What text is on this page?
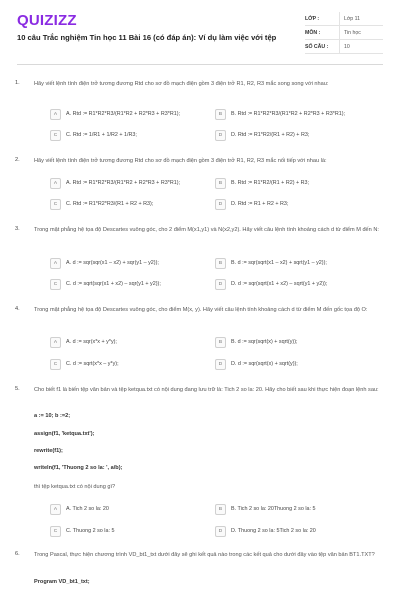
QUIZIZZ
10 câu Trắc nghiệm Tin học 11 Bài 16 (có đáp án): Ví dụ làm việc với tệp
LỚP :	Lớp 11
MÔN :	Tin học
SỐ CÂU :	10
1.	Hãy viết lệnh tính điện trở tương đương Rtd cho sơ đồ mạch điện gồm 3 điện trở R1, R2, R3 mắc song song với nhau:
A	A. Rtd := R1*R2*R3/(R1*R2 + R2*R3 + R3*R1);	B	B. Rtd := R1*R2*R3/(R1*R2 + R2*R3 + R3*R1);
C	C. Rtd := 1/R1 + 1/R2 + 1/R3;	D	D. Rtd := R1*R2/(R1 + R2) + R3;
2.	Hãy viết lệnh tính điện trở tương đương Rtd cho sơ đồ mạch điện gồm 3 điện trở R1, R2, R3 mắc nối tiếp với nhau là:
A	A. Rtd := R1*R2*R3/(R1*R2 + R2*R3 + R3*R1);	B	B. Rtd := R1*R2/(R1 + R2) + R3;
C	C. Rtd := R1*R2*R3/(R1 + R2 + R3);	D	D. Rtd := R1 + R2 + R3;
3.	Trong mặt phẳng hệ tọa độ Descartes vuông góc, cho 2 điểm M(x1,y1) và N(x2,y2). Hãy viết câu lệnh tính khoảng cách d từ điểm M đến N:
A	A. d := sqr(sqr(x1 – x2) + sqr(y1 – y2));	B	B. d := sqr(sqrt(x1 – x2) + sqrt(y1 – y2));
C	C. d := sqrt(sqr(x1 + x2) – sqr(y1 + y2));	D	D. d := sqr(sqrt(x1 + x2) – sqrt(y1 + y2));
4.	Trong mặt phẳng hệ tọa độ Descartes vuông góc, cho điểm M(x, y). Hãy viết câu lệnh tính khoảng cách d từ điểm M đến gốc tọa độ O:
A	A. d := sqr(x*x + y*y);	B	B. d := sqr(sqrt(x) + sqrt(y));
C	C. d := sqrt(x*x – y*y);	D	D. d := sqr(sqrt(x) + sqrt(y));
5.	Cho biết f1 là biến tệp văn bản và tệp ketqua.txt có nội dung đang lưu trữ là: Tich 2 so la: 20. Hãy cho biết sau khi thực hiện đoạn lệnh sau:
a := 10; b :=2;
assign(f1, 'ketqua.txt');
rewrite(f1);
writeln(f1, 'Thuong 2 so la: ', a/b);
thì tệp ketqua.txt có nội dung gì?
A	A. Tich 2 so la: 20	B	B. Tich 2 so la: 20Thuong 2 so la: 5
C	C. Thuong 2 so la: 5	D	D. Thuong 2 so la: 5Tich 2 so la: 20
6.	Trong Pascal, thực hiện chương trình VD_bt1_txt dưới đây sẽ ghi kết quả nào trong các kết quả cho dưới đây vào tệp văn bản BT1.TXT?
Program VD_bt1_txt;
